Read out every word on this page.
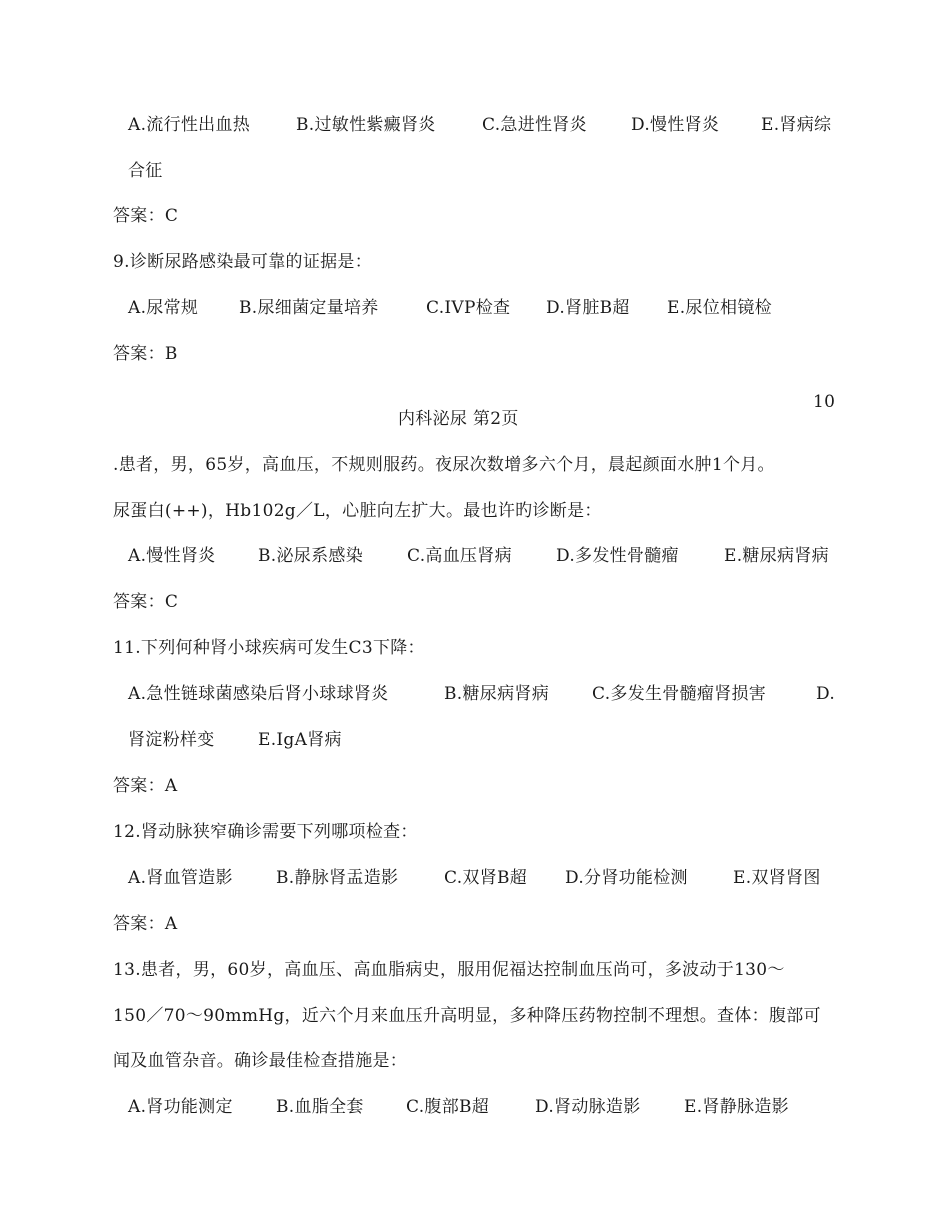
A.流行性出血热	B.过敏性紫癜肾炎	C.急进性肾炎	D.慢性肾炎	E.肾病综
合征
答案：C
9.诊断尿路感染最可靠的证据是：
A.尿常规	B.尿细菌定量培养	C.IVP检查	D.肾脏B超	E.尿位相镜检
答案：B
10
内科泌尿 第2页
.患者，男，65岁，高血压，不规则服药。夜尿次数增多六个月，晨起颜面水肿1个月。
尿蛋白(++)，Hb102g／L，心脏向左扩大。最也许旳诊断是：
A.慢性肾炎	B.泌尿系感染	C.高血压肾病	D.多发性骨髓瘤	E.糖尿病肾病
答案：C
11.下列何种肾小球疾病可发生C3下降：
A.急性链球菌感染后肾小球球肾炎	B.糖尿病肾病	C.多发生骨髓瘤肾损害	D.
肾淀粉样变	E.IgA肾病
答案：A
12.肾动脉狭窄确诊需要下列哪项检查：
A.肾血管造影	B.静脉肾盂造影	C.双肾B超	D.分肾功能检测	E.双肾肾图
答案：A
13.患者，男，60岁，高血压、高血脂病史，服用伲福达控制血压尚可，多波动于130～
150／70～90mmHg，近六个月来血压升高明显，多种降压药物控制不理想。查体：腹部可
闻及血管杂音。确诊最佳检查措施是：
A.肾功能测定	B.血脂全套	C.腹部B超	D.肾动脉造影	E.肾静脉造影
